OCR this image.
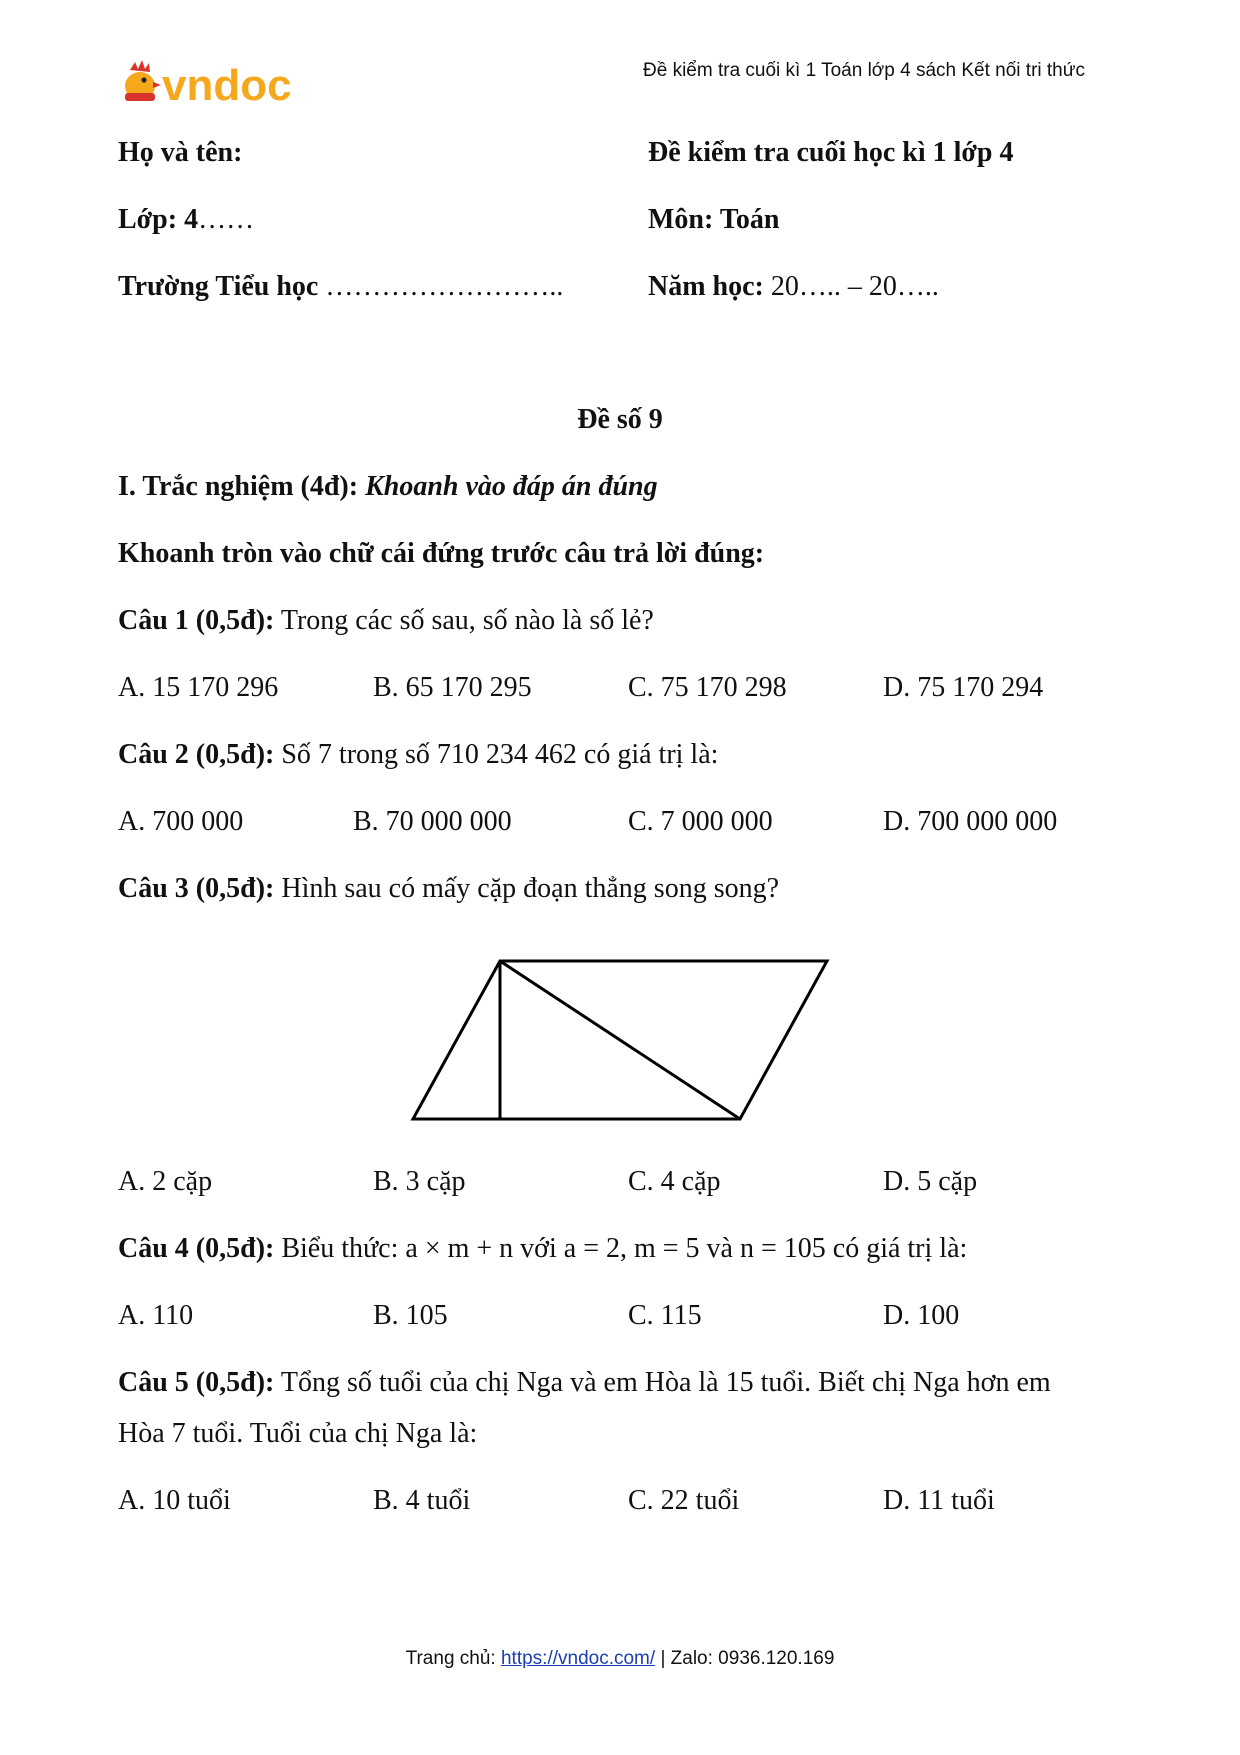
vndoc	Đề kiểm tra cuối kì 1 Toán lớp 4 sách Kết nối tri thức
Họ và tên:	Đề kiểm tra cuối học kì 1 lớp 4
Lớp: 4……	Môn: Toán
Trường Tiểu học ……………………..	Năm học: 20….. – 20…..
Đề số 9
I. Trắc nghiệm (4đ): Khoanh vào đáp án đúng
Khoanh tròn vào chữ cái đứng trước câu trả lời đúng:
Câu 1 (0,5đ): Trong các số sau, số nào là số lẻ?
A. 15 170 296	B. 65 170 295	C. 75 170 298	D. 75 170 294
Câu 2 (0,5đ): Số 7 trong số 710 234 462 có giá trị là:
A. 700 000	B. 70 000 000	C. 7 000 000	D. 700 000 000
Câu 3 (0,5đ): Hình sau có mấy cặp đoạn thẳng song song?
A. 2 cặp	B. 3 cặp	C. 4 cặp	D. 5 cặp
Câu 4 (0,5đ): Biểu thức: a × m + n với a = 2, m = 5 và n = 105 có giá trị là:
A. 110	B. 105	C. 115	D. 100
Câu 5 (0,5đ): Tổng số tuổi của chị Nga và em Hòa là 15 tuổi. Biết chị Nga hơn em
Hòa 7 tuổi. Tuổi của chị Nga là:
A. 10 tuổi	B. 4 tuổi	C. 22 tuổi	D. 11 tuổi
Trang chủ: https://vndoc.com/ | Zalo: 0936.120.169
